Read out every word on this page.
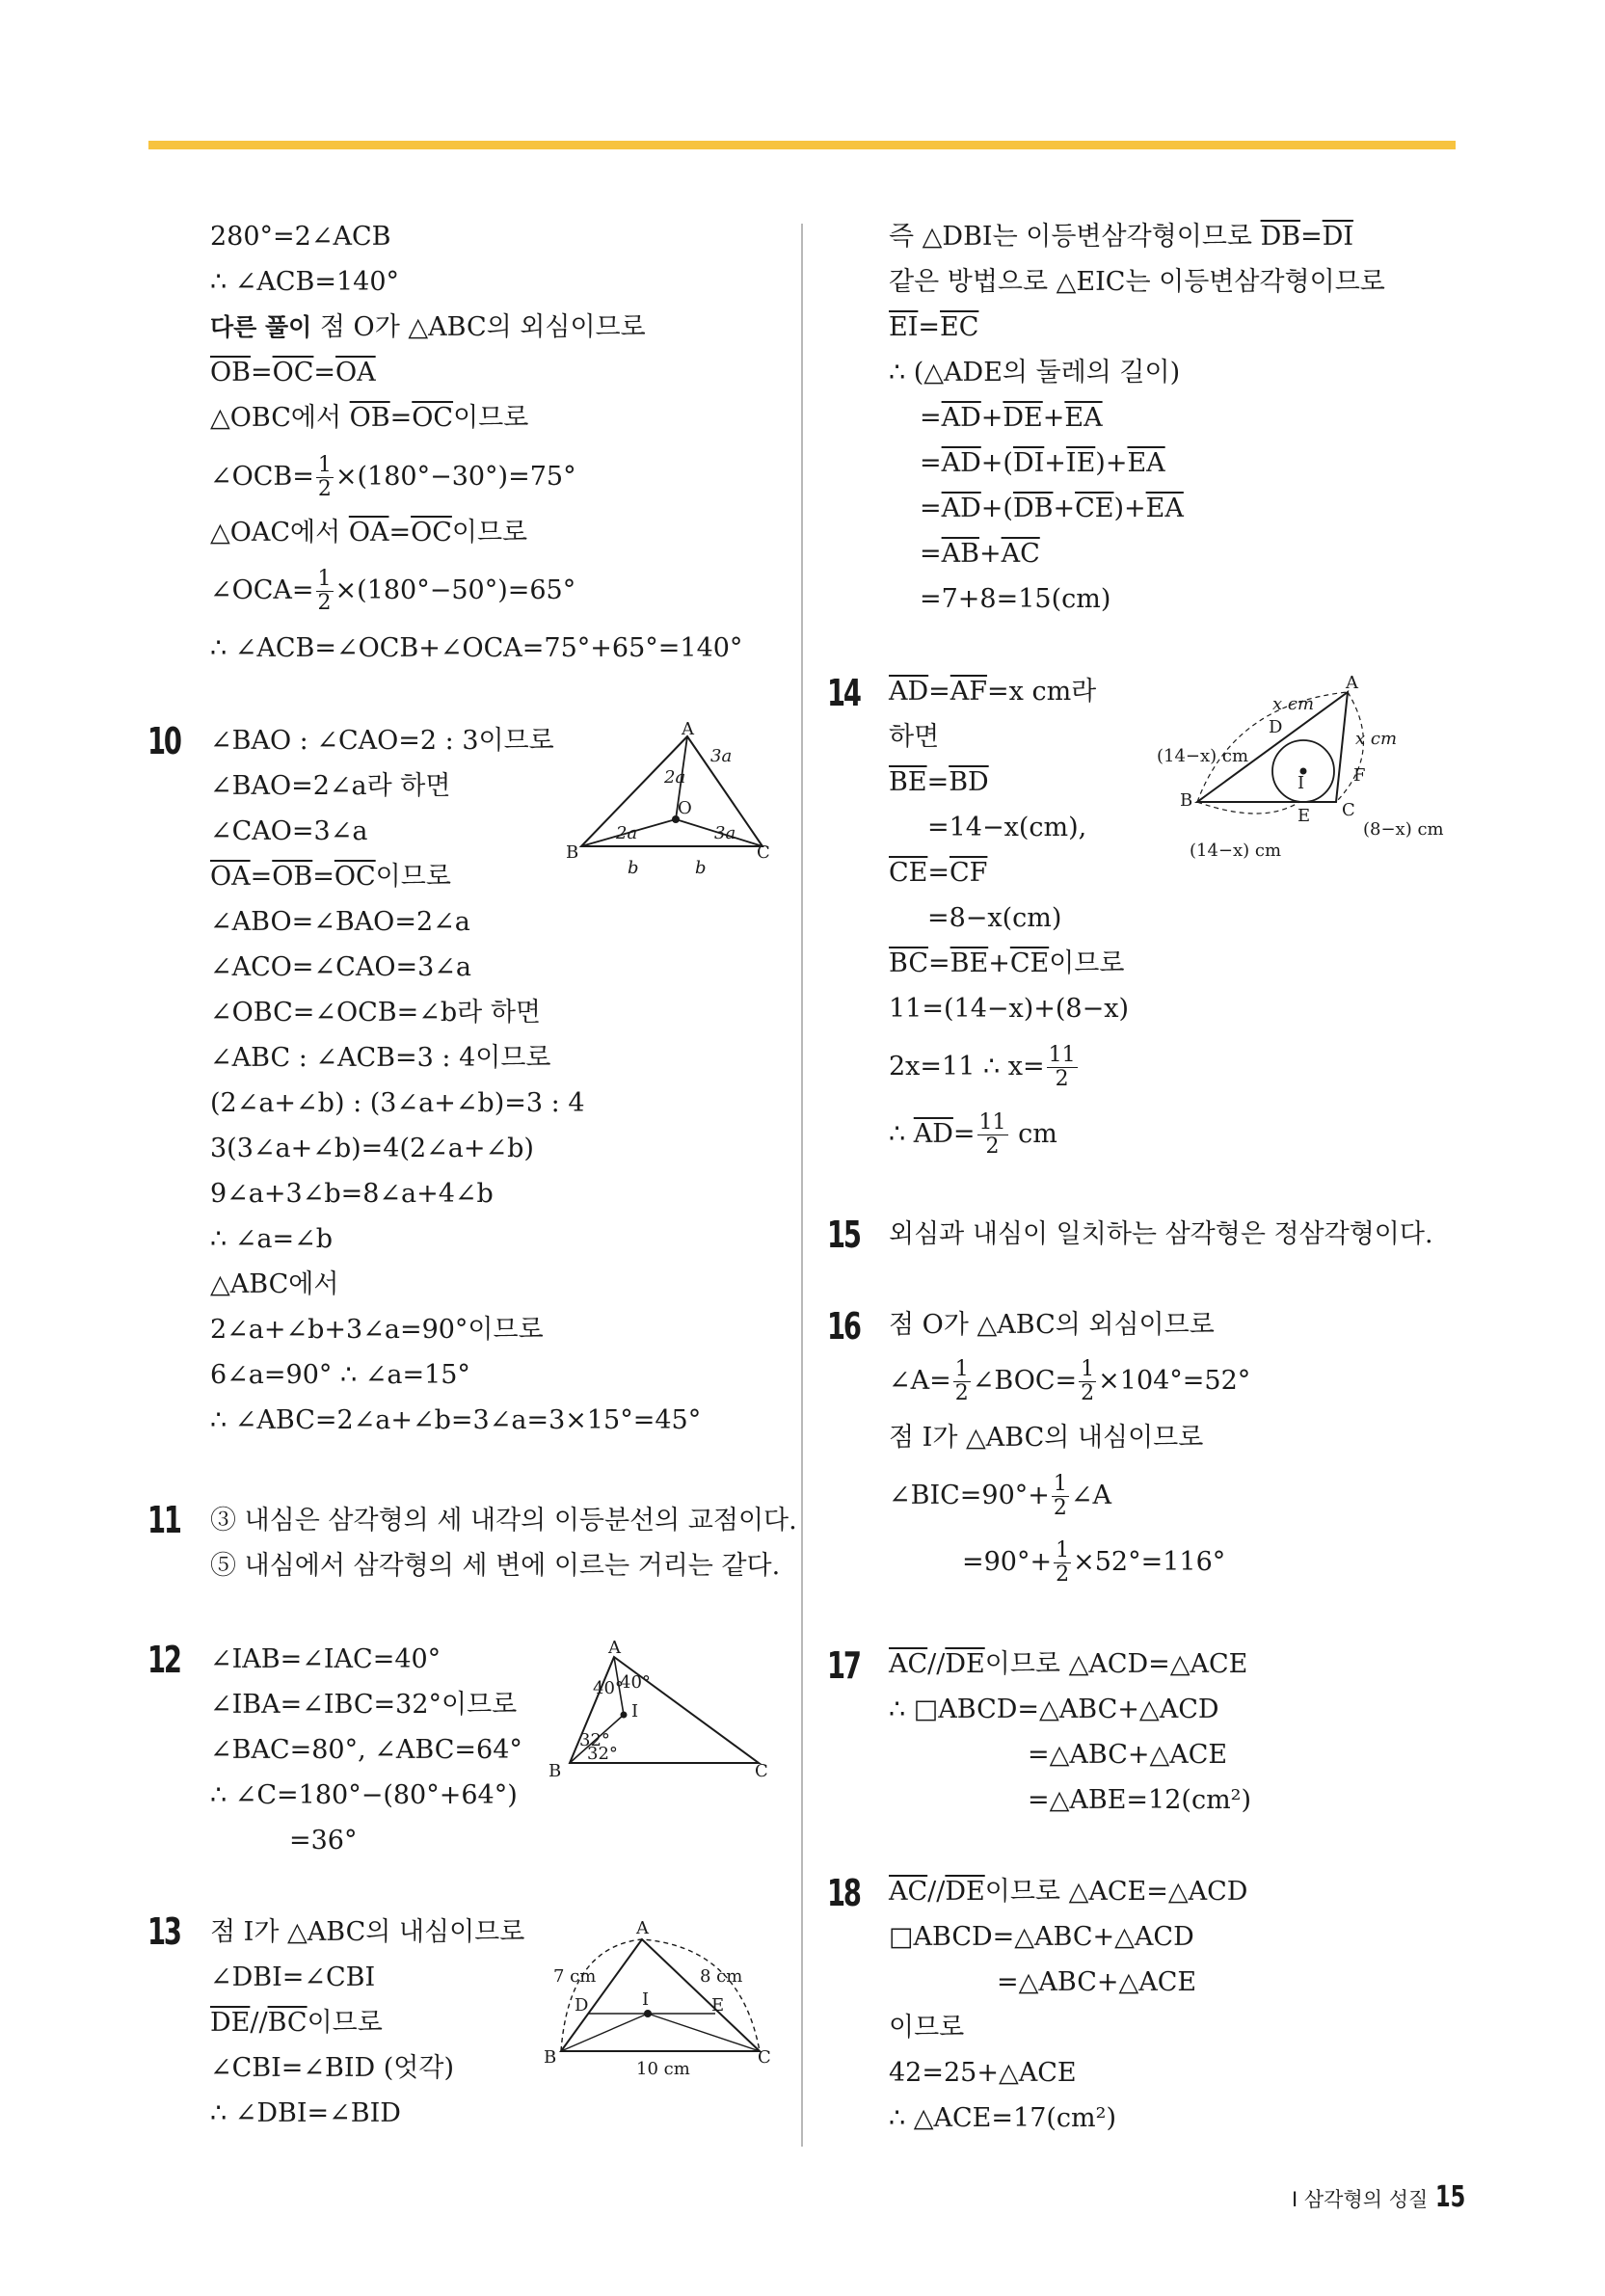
280°=2∠ACB
∴ ∠ACB=140°
다른 풀이 점 O가 △ABC의 외심이므로
$\overline{OB}=\overline{OC}=\overline{OA}$
△OBC에서 $\overline{OB}=\overline{OC}$이므로
∠OCB= $\frac{1}{2} \times(180^\circ-30^\circ)=75^\circ$
△OAC에서 $\overline{OA}=\overline{OC}$이므로
∠OCA= $\frac{1}{2} \times(180^\circ-50^\circ)=65^\circ$
∴ ∠ACB=∠OCB+∠OCA=75°+65°=140°
10 ∠BAO : ∠CAO=2 : 3이므로
∠BAO=2∠a라 하면
∠CAO=3∠a
$\overline{OA}=\overline{OB}=\overline{OC}$이므로
∠ABO=∠BAO=2∠a
∠ACO=∠CAO=3∠a
∠OBC=∠OCB=∠b라 하면
∠ABC : ∠ACB=3 : 4이므로
(2∠a+∠b) : (3∠a+∠b)=3 : 4
3(3∠a+∠b)=4(2∠a+∠b)
9∠a+3∠b=8∠a+4∠b
∴ ∠a=∠b
△ABC에서
2∠a+∠b+3∠a=90°이므로
6∠a=90° ∴ ∠a=15°
∴ ∠ABC=2∠a+∠b=3∠a=3×15°=45°
A
B	C
O
2a
3a
2a	3a
b	b
11 ③ 내심은 삼각형의 세 내각의 이등분선의 교점이다.
⑤ 내심에서 삼각형의 세 변에 이르는 거리는 같다.
12 ∠IAB=∠IAC=40°
∠IBA=∠IBC=32°이므로
∠BAC=80°, ∠ABC=64°
∴ ∠C=180°−(80°+64°)
=36°
A
B	C
I
40°
40°
32°
32°
13 점 I가 △ABC의 내심이므로
∠DBI=∠CBI
$\overline{DE}//\overline{BC}$이므로
∠CBI=∠BID (엇각)
∴ ∠DBI=∠BID
A
B	C
D	E
I
7 cm	8 cm
10 cm
즉 △DBI는 이등변삼각형이므로 $\overline{DB}=\overline{DI}$
같은 방법으로 △EIC는 이등변삼각형이므로
$\overline{EI}=\overline{EC}$
∴ (△ADE의 둘레의 길이)
$=\overline{AD}+\overline{DE}+\overline{EA}$
$=\overline{AD}+(\overline{DI}+\overline{IE})+\overline{EA}$
$=\overline{AD}+(\overline{DB}+\overline{CE})+\overline{EA}$
$=\overline{AB}+\overline{AC}$
=7+8=15(cm)
14 $\overline{AD}=\overline{AF}=x$ cm라
하면
$\overline{BE}=\overline{BD}$
=14−x(cm),
$\overline{CE}=\overline{CF}$
=8−x(cm)
$\overline{BC}=\overline{BE}+\overline{CE}$이므로
11=(14−x)+(8−x)
2x=11 ∴ $x= \frac{11}{2}$
∴ $\overline{AD}= \frac{11}{2}$ cm
A
B	C
D
E
F
I
x cm
x cm
(14−x) cm
(14−x) cm
(8−x) cm
15 외심과 내심이 일치하는 삼각형은 정삼각형이다.
16 점 O가 △ABC의 외심이므로
∠A= $\frac{1}{2}$ ∠BOC= $\frac{1}{2} \times 104^\circ=52^\circ$
점 I가 △ABC의 내심이므로
∠BIC=90°+ $\frac{1}{2}$ ∠A
$=90^\circ+ \frac{1}{2} \times 52^\circ=116^\circ$
17 $\overline{AC}//\overline{DE}$이므로 △ACD=△ACE
∴ □ABCD=△ABC+△ACD
=△ABC+△ACE
=△ABE=12(cm²)
18 $\overline{AC}//\overline{DE}$이므로 △ACE=△ACD
□ABCD=△ABC+△ACD
=△ABC+△ACE
이므로
42=25+△ACE
∴ △ACE=17(cm²)
Ⅰ 삼각형의 성질 15
